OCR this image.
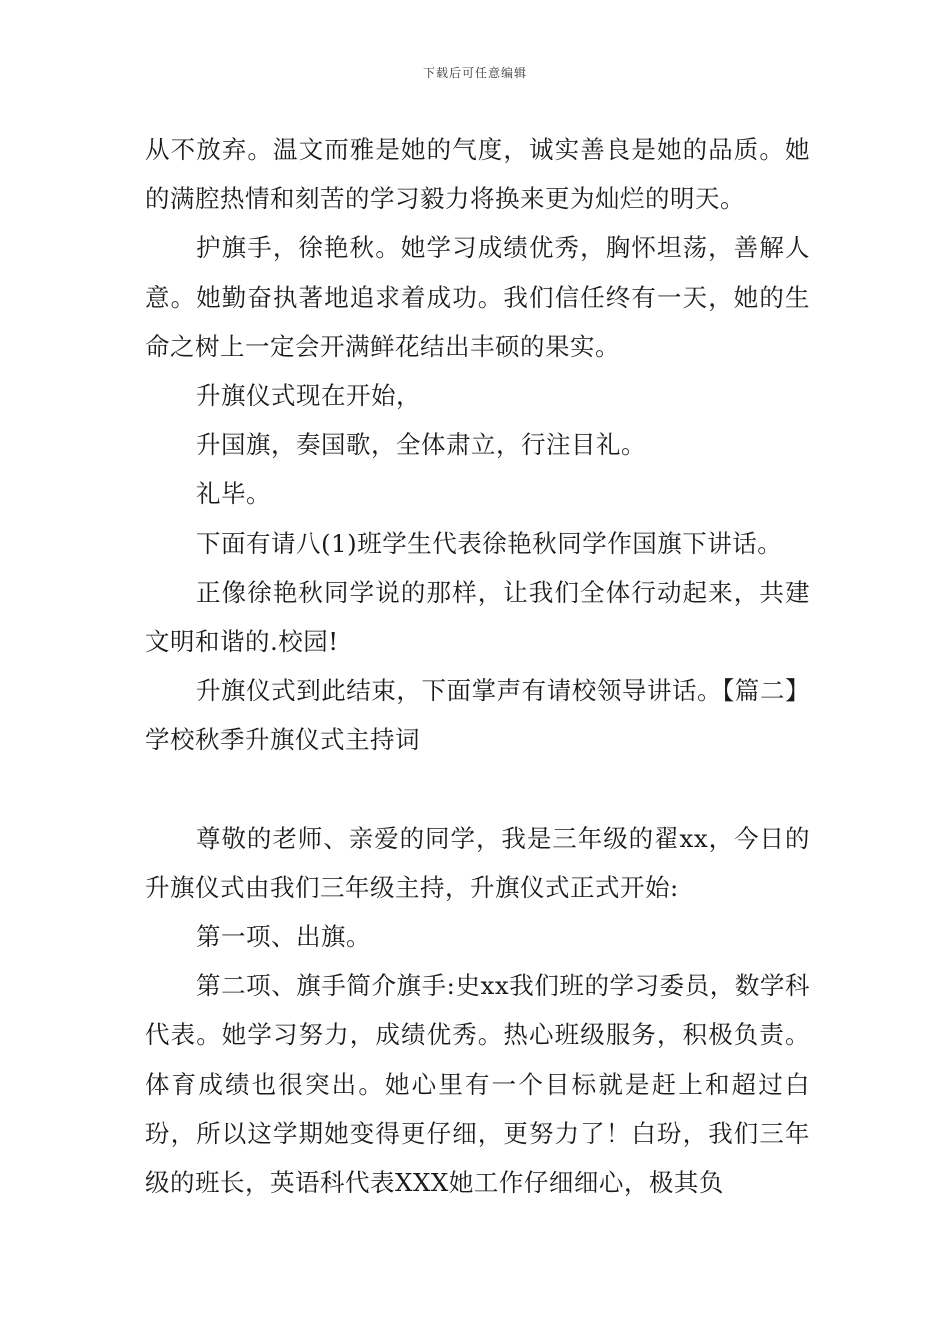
下载后可任意编辑

从不放弃。温文而雅是她的气度，诚实善良是她的品质。她的满腔热情和刻苦的学习毅力将换来更为灿烂的明天。

护旗手，徐艳秋。她学习成绩优秀，胸怀坦荡，善解人意。她勤奋执著地追求着成功。我们信任终有一天，她的生命之树上一定会开满鲜花结出丰硕的果实。

升旗仪式现在开始，

升国旗，奏国歌，全体肃立，行注目礼。

礼毕。

下面有请八(1)班学生代表徐艳秋同学作国旗下讲话。

正像徐艳秋同学说的那样，让我们全体行动起来，共建文明和谐的.校园!

升旗仪式到此结束，下面掌声有请校领导讲话。【篇二】学校秋季升旗仪式主持词

尊敬的老师、亲爱的同学，我是三年级的翟xx，今日的升旗仪式由我们三年级主持，升旗仪式正式开始:

第一项、出旗。

第二项、旗手简介旗手:史xx我们班的学习委员，数学科代表。她学习努力，成绩优秀。热心班级服务，积极负责。体育成绩也很突出。她心里有一个目标就是赶上和超过白玢，所以这学期她变得更仔细，更努力了！白玢，我们三年级的班长，英语科代表XXX她工作仔细细心，极其负
